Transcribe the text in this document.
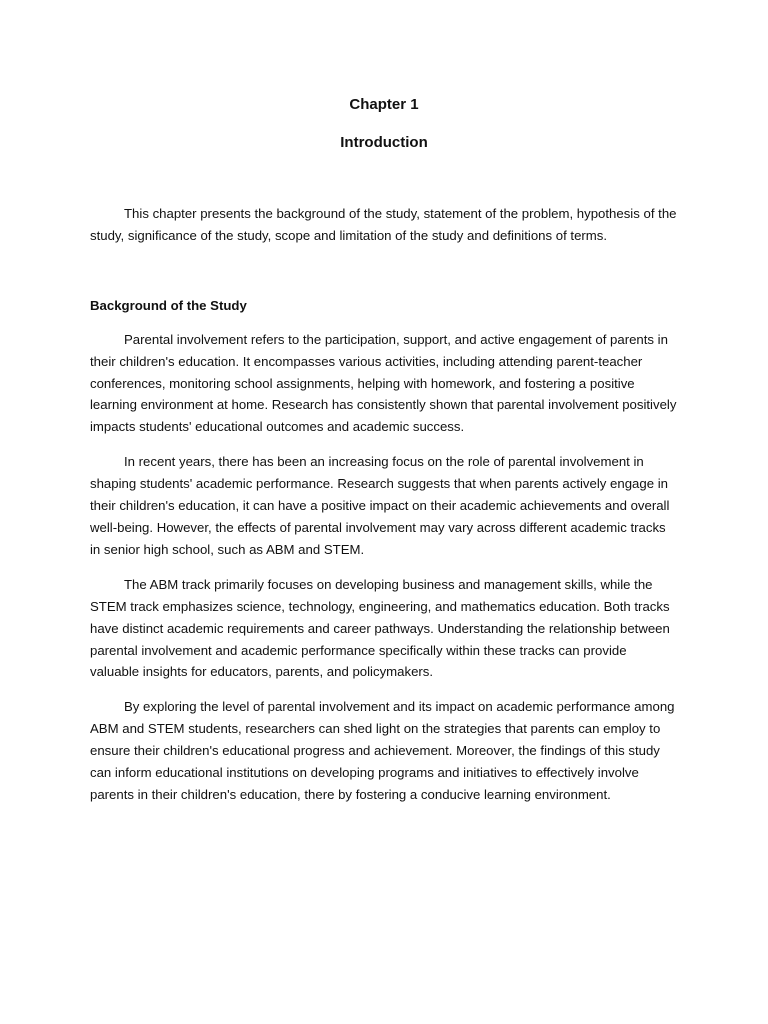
Chapter 1
Introduction

This chapter presents the background of the study, statement of the problem, hypothesis of the study, significance of the study, scope and limitation of the study and definitions of terms.

Background of the Study

Parental involvement refers to the participation, support, and active engagement of parents in their children's education. It encompasses various activities, including attending parent-teacher conferences, monitoring school assignments, helping with homework, and fostering a positive learning environment at home. Research has consistently shown that parental involvement positively impacts students' educational outcomes and academic success.

In recent years, there has been an increasing focus on the role of parental involvement in shaping students' academic performance. Research suggests that when parents actively engage in their children's education, it can have a positive impact on their academic achievements and overall well-being. However, the effects of parental involvement may vary across different academic tracks in senior high school, such as ABM and STEM.

The ABM track primarily focuses on developing business and management skills, while the STEM track emphasizes science, technology, engineering, and mathematics education. Both tracks have distinct academic requirements and career pathways. Understanding the relationship between parental involvement and academic performance specifically within these tracks can provide valuable insights for educators, parents, and policymakers.

By exploring the level of parental involvement and its impact on academic performance among ABM and STEM students, researchers can shed light on the strategies that parents can employ to ensure their children's educational progress and achievement. Moreover, the findings of this study can inform educational institutions on developing programs and initiatives to effectively involve parents in their children's education, there by fostering a conducive learning environment.
